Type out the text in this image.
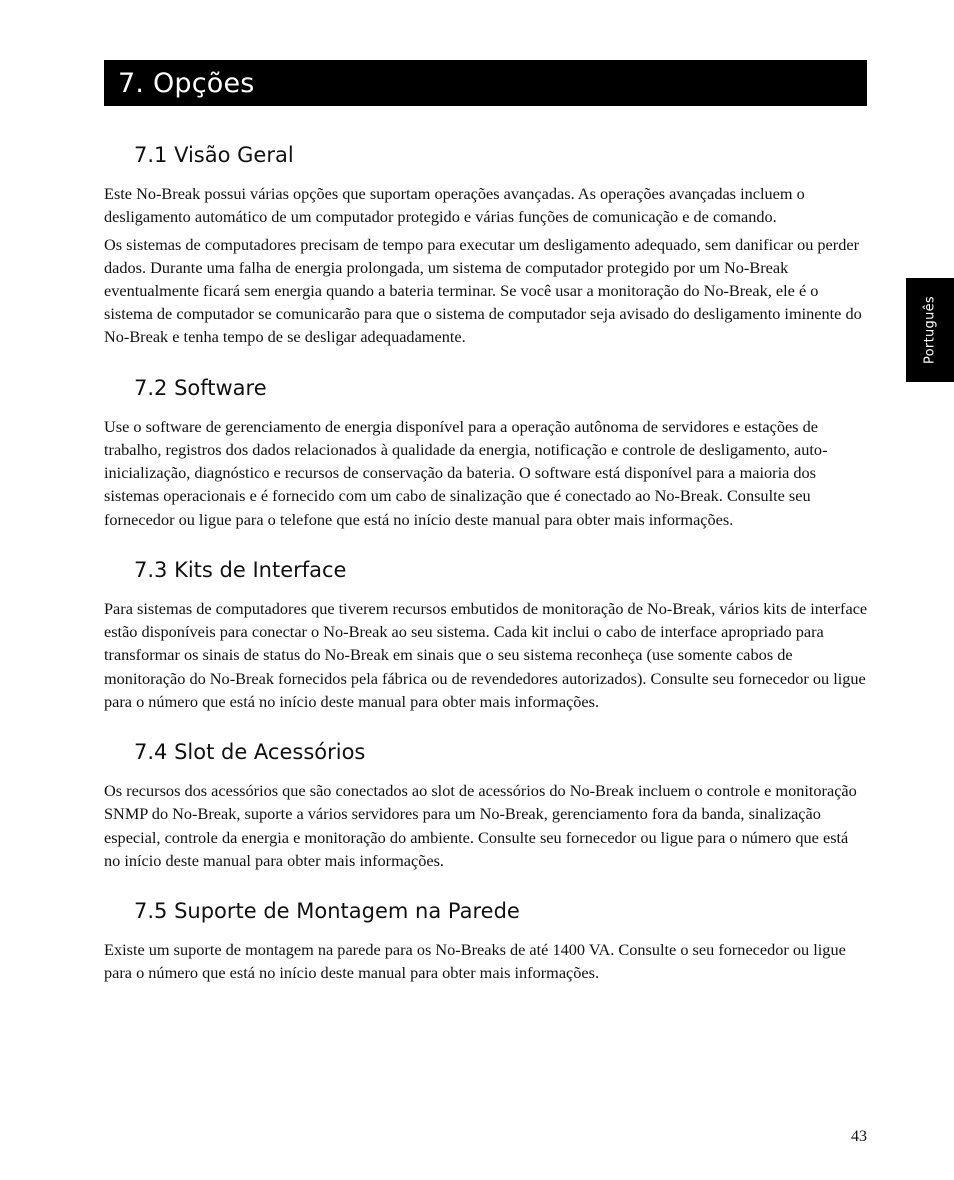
7. Opções
Português
7.1 Visão Geral

Este No-Break possui várias opções que suportam operações avançadas. As operações avançadas incluem o desligamento automático de um computador protegido e várias funções de comunicação e de comando.

Os sistemas de computadores precisam de tempo para executar um desligamento adequado, sem danificar ou perder dados. Durante uma falha de energia prolongada, um sistema de computador protegido por um No-Break eventualmente ficará sem energia quando a bateria terminar. Se você usar a monitoração do No-Break, ele é o sistema de computador se comunicarão para que o sistema de computador seja avisado do desligamento iminente do No-Break e tenha tempo de se desligar adequadamente.

7.2 Software

Use o software de gerenciamento de energia disponível para a operação autônoma de servidores e estações de trabalho, registros dos dados relacionados à qualidade da energia, notificação e controle de desligamento, auto-inicialização, diagnóstico e recursos de conservação da bateria. O software está disponível para a maioria dos sistemas operacionais e é fornecido com um cabo de sinalização que é conectado ao No-Break. Consulte seu fornecedor ou ligue para o telefone que está no início deste manual para obter mais informações.

7.3 Kits de Interface

Para sistemas de computadores que tiverem recursos embutidos de monitoração de No-Break, vários kits de interface estão disponíveis para conectar o No-Break ao seu sistema. Cada kit inclui o cabo de interface apropriado para transformar os sinais de status do No-Break em sinais que o seu sistema reconheça (use somente cabos de monitoração do No-Break fornecidos pela fábrica ou de revendedores autorizados). Consulte seu fornecedor ou ligue para o número que está no início deste manual para obter mais informações.

7.4 Slot de Acessórios

Os recursos dos acessórios que são conectados ao slot de acessórios do No-Break incluem o controle e monitoração SNMP do No-Break, suporte a vários servidores para um No-Break, gerenciamento fora da banda, sinalização especial, controle da energia e monitoração do ambiente. Consulte seu fornecedor ou ligue para o número que está no início deste manual para obter mais informações.

7.5 Suporte de Montagem na Parede

Existe um suporte de montagem na parede para os No-Breaks de até 1400 VA. Consulte o seu fornecedor ou ligue para o número que está no início deste manual para obter mais informações.

43
